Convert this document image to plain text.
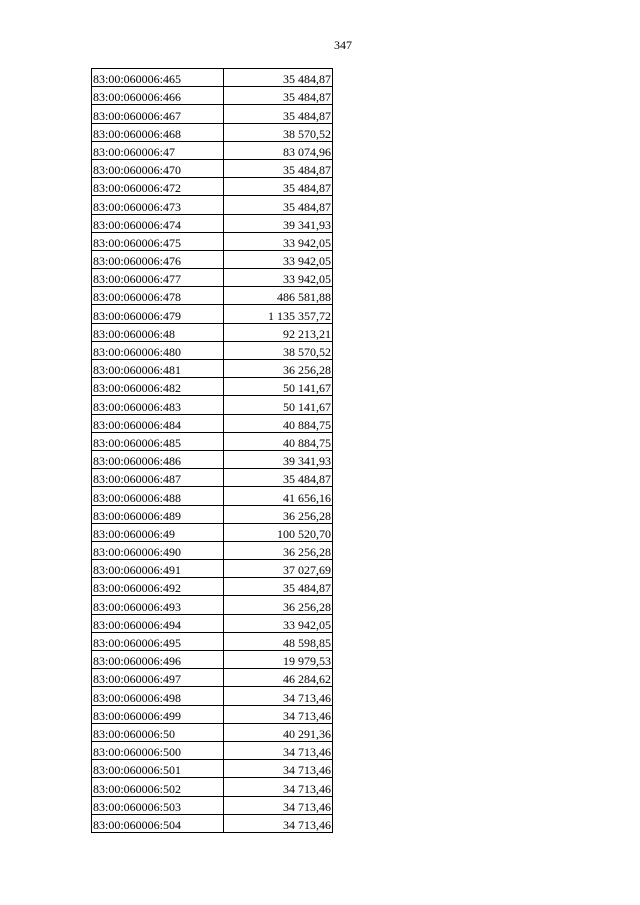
347
83:00:060006:465	35 484,87
83:00:060006:466	35 484,87
83:00:060006:467	35 484,87
83:00:060006:468	38 570,52
83:00:060006:47	83 074,96
83:00:060006:470	35 484,87
83:00:060006:472	35 484,87
83:00:060006:473	35 484,87
83:00:060006:474	39 341,93
83:00:060006:475	33 942,05
83:00:060006:476	33 942,05
83:00:060006:477	33 942,05
83:00:060006:478	486 581,88
83:00:060006:479	1 135 357,72
83:00:060006:48	92 213,21
83:00:060006:480	38 570,52
83:00:060006:481	36 256,28
83:00:060006:482	50 141,67
83:00:060006:483	50 141,67
83:00:060006:484	40 884,75
83:00:060006:485	40 884,75
83:00:060006:486	39 341,93
83:00:060006:487	35 484,87
83:00:060006:488	41 656,16
83:00:060006:489	36 256,28
83:00:060006:49	100 520,70
83:00:060006:490	36 256,28
83:00:060006:491	37 027,69
83:00:060006:492	35 484,87
83:00:060006:493	36 256,28
83:00:060006:494	33 942,05
83:00:060006:495	48 598,85
83:00:060006:496	19 979,53
83:00:060006:497	46 284,62
83:00:060006:498	34 713,46
83:00:060006:499	34 713,46
83:00:060006:50	40 291,36
83:00:060006:500	34 713,46
83:00:060006:501	34 713,46
83:00:060006:502	34 713,46
83:00:060006:503	34 713,46
83:00:060006:504	34 713,46
